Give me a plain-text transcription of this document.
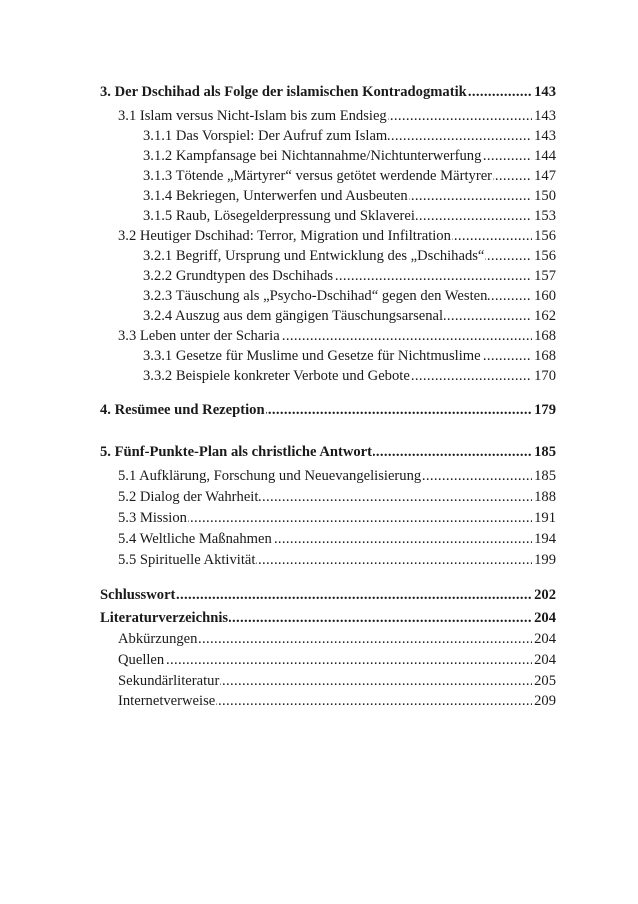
.....
3. Der Dschihad als Folge der islamischen Kontradogmatik	143
.....
3.1 Islam versus Nicht-Islam bis zum Endsieg	143
.....
3.1.1 Das Vorspiel: Der Aufruf zum Islam	143
.....
3.1.2 Kampfansage bei Nichtannahme/Nichtunterwerfung	144
.....
3.1.3 Tötende „Märtyrer“ versus getötet werdende Märtyrer	147
.....
3.1.4 Bekriegen, Unterwerfen und Ausbeuten	150
.....
3.1.5 Raub, Lösegelderpressung und Sklaverei	153
.....
3.2 Heutiger Dschihad: Terror, Migration und Infiltration	156
.....
3.2.1 Begriff, Ursprung und Entwicklung des „Dschihads“	156
.....
3.2.2 Grundtypen des Dschihads	157
.....
3.2.3 Täuschung als „Psycho-Dschihad“ gegen den Westen	160
.....
3.2.4 Auszug aus dem gängigen Täuschungsarsenal	162
.....
3.3 Leben unter der Scharia	168
.....
3.3.1 Gesetze für Muslime und Gesetze für Nichtmuslime	168
.....
3.3.2 Beispiele konkreter Verbote und Gebote	170
.....
4. Resümee und Rezeption	179
.....
5. Fünf-Punkte-Plan als christliche Antwort	185
.....
5.1 Aufklärung, Forschung und Neuevangelisierung	185
.....
5.2 Dialog der Wahrheit	188
.....
5.3 Mission	191
.....
5.4 Weltliche Maßnahmen	194
.....
5.5 Spirituelle Aktivität	199
.....
Schlusswort	202
.....
Literaturverzeichnis	204
.....
Abkürzungen	204
.....
Quellen	204
.....
Sekundärliteratur	205
.....
Internetverweise	209
